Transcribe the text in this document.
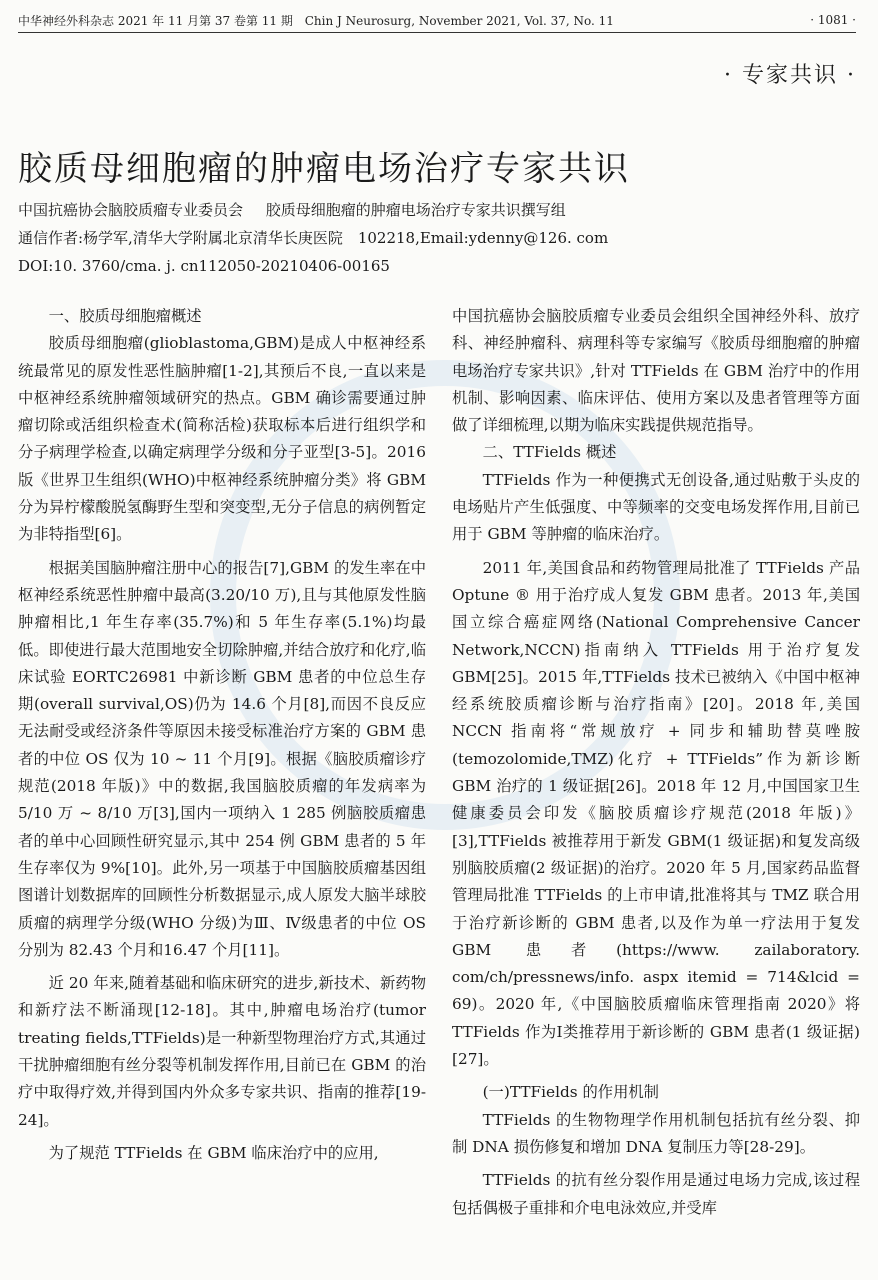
中华神经外科杂志 2021 年 11 月第 37 卷第 11 期 Chin J Neurosurg, November 2021, Vol. 37, No. 11	· 1081 ·
· 专家共识 ·
胶质母细胞瘤的肿瘤电场治疗专家共识
中国抗癌协会脑胶质瘤专业委员会 胶质母细胞瘤的肿瘤电场治疗专家共识撰写组
通信作者:杨学军,清华大学附属北京清华长庚医院　102218,Email:ydenny@126. com
DOI:10. 3760/cma. j. cn112050-20210406-00165

一、胶质母细胞瘤概述

胶质母细胞瘤(glioblastoma,GBM)是成人中枢神经系统最常见的原发性恶性脑肿瘤[1-2],其预后不良,一直以来是中枢神经系统肿瘤领域研究的热点。GBM 确诊需要通过肿瘤切除或活组织检查术(简称活检)获取标本后进行组织学和分子病理学检查,以确定病理学分级和分子亚型[3-5]。2016 版《世界卫生组织(WHO)中枢神经系统肿瘤分类》将 GBM 分为异柠檬酸脱氢酶野生型和突变型,无分子信息的病例暂定为非特指型[6]。

根据美国脑肿瘤注册中心的报告[7],GBM 的发生率在中枢神经系统恶性肿瘤中最高(3.20/10 万),且与其他原发性脑肿瘤相比,1 年生存率(35.7%)和 5 年生存率(5.1%)均最低。即使进行最大范围地安全切除肿瘤,并结合放疗和化疗,临床试验 EORTC26981 中新诊断 GBM 患者的中位总生存期(overall survival,OS)仍为 14.6 个月[8],而因不良反应无法耐受或经济条件等原因未接受标准治疗方案的 GBM 患者的中位 OS 仅为 10 ~ 11 个月[9]。根据《脑胶质瘤诊疗规范(2018 年版)》中的数据,我国脑胶质瘤的年发病率为 5/10 万 ~ 8/10 万[3],国内一项纳入 1 285 例脑胶质瘤患者的单中心回顾性研究显示,其中 254 例 GBM 患者的 5 年生存率仅为 9%[10]。此外,另一项基于中国脑胶质瘤基因组图谱计划数据库的回顾性分析数据显示,成人原发大脑半球胶质瘤的病理学分级(WHO 分级)为Ⅲ、Ⅳ级患者的中位 OS 分别为 82.43 个月和16.47 个月[11]。

近 20 年来,随着基础和临床研究的进步,新技术、新药物和新疗法不断涌现[12-18]。其中,肿瘤电场治疗(tumor treating fields,TTFields)是一种新型物理治疗方式,其通过干扰肿瘤细胞有丝分裂等机制发挥作用,目前已在 GBM 的治疗中取得疗效,并得到国内外众多专家共识、指南的推荐[19-24]。

为了规范 TTFields 在 GBM 临床治疗中的应用,

中国抗癌协会脑胶质瘤专业委员会组织全国神经外科、放疗科、神经肿瘤科、病理科等专家编写《胶质母细胞瘤的肿瘤电场治疗专家共识》,针对 TTFields 在 GBM 治疗中的作用机制、影响因素、临床评估、使用方案以及患者管理等方面做了详细梳理,以期为临床实践提供规范指导。

二、TTFields 概述

TTFields 作为一种便携式无创设备,通过贴敷于头皮的电场贴片产生低强度、中等频率的交变电场发挥作用,目前已用于 GBM 等肿瘤的临床治疗。

2011 年,美国食品和药物管理局批准了 TTFields 产品 Optune ® 用于治疗成人复发 GBM 患者。2013 年,美国国立综合癌症网络(National Comprehensive Cancer Network,NCCN)指南纳入 TTFields 用于治疗复发 GBM[25]。2015 年,TTFields 技术已被纳入《中国中枢神经系统胶质瘤诊断与治疗指南》[20]。2018 年,美国 NCCN 指南将“常规放疗 + 同步和辅助替莫唑胺(temozolomide,TMZ)化疗 + TTFields”作为新诊断 GBM 治疗的 1 级证据[26]。2018 年 12 月,中国国家卫生健康委员会印发《脑胶质瘤诊疗规范(2018 年版)》[3],TTFields 被推荐用于新发 GBM(1 级证据)和复发高级别脑胶质瘤(2 级证据)的治疗。2020 年 5 月,国家药品监督管理局批准 TTFields 的上市申请,批准将其与 TMZ 联合用于治疗新诊断的 GBM 患者,以及作为单一疗法用于复发 GBM 患者(https://www. zailaboratory. com/ch/pressnews/info. aspx itemid = 714&lcid = 69)。2020 年,《中国脑胶质瘤临床管理指南 2020》将 TTFields 作为Ⅰ类推荐用于新诊断的 GBM 患者(1 级证据)[27]。

(一)TTFields 的作用机制

TTFields 的生物物理学作用机制包括抗有丝分裂、抑制 DNA 损伤修复和增加 DNA 复制压力等[28-29]。

TTFields 的抗有丝分裂作用是通过电场力完成,该过程包括偶极子重排和介电电泳效应,并受库
